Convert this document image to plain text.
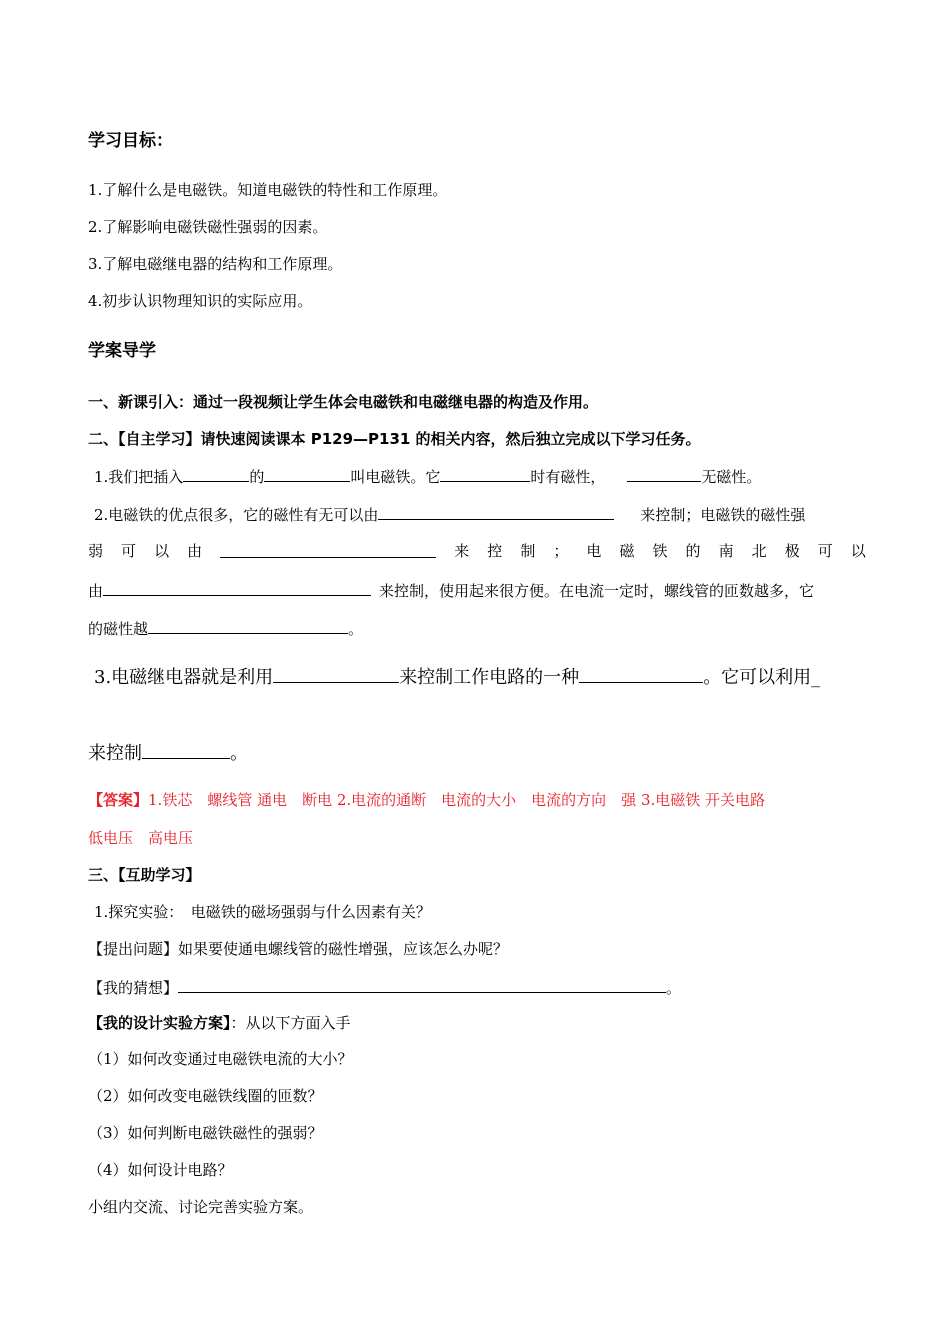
学习目标：
1.了解什么是电磁铁。知道电磁铁的特性和工作原理。
2.了解影响电磁铁磁性强弱的因素。
3.了解电磁继电器的结构和工作原理。
4.初步认识物理知识的实际应用。
学案导学
一、新课引入：通过一段视频让学生体会电磁铁和电磁继电器的构造及作用。
二、【自主学习】请快速阅读课本 P129—P131 的相关内容，然后独立完成以下学习任务。
1.我们把插入	的	叫电磁铁。它	时有磁性，	无磁性。
2.电磁铁的优点很多，它的磁性有无可以由	来控制；电磁铁的磁性强
弱 可 以 由	来 控 制 ； 电 磁 铁 的 南 北 极 可 以
由	来控制，使用起来很方便。在电流一定时，螺线管的匝数越多，它
的磁性越	。
3.电磁继电器就是利用	来控制工作电路的一种	。它可以利用_
来控制	。
【答案】1.铁芯　螺线管 通电　断电 2.电流的通断　电流的大小　电流的方向　强 3.电磁铁 开关电路
低电压　高电压
三、【互助学习】
1.探究实验：　电磁铁的磁场强弱与什么因素有关？
【提出问题】如果要使通电螺线管的磁性增强，应该怎么办呢？
【我的猜想】	。
【我的设计实验方案】：从以下方面入手
（1）如何改变通过电磁铁电流的大小？
（2）如何改变电磁铁线圈的匝数？
（3）如何判断电磁铁磁性的强弱？
（4）如何设计电路？
小组内交流、讨论完善实验方案。
